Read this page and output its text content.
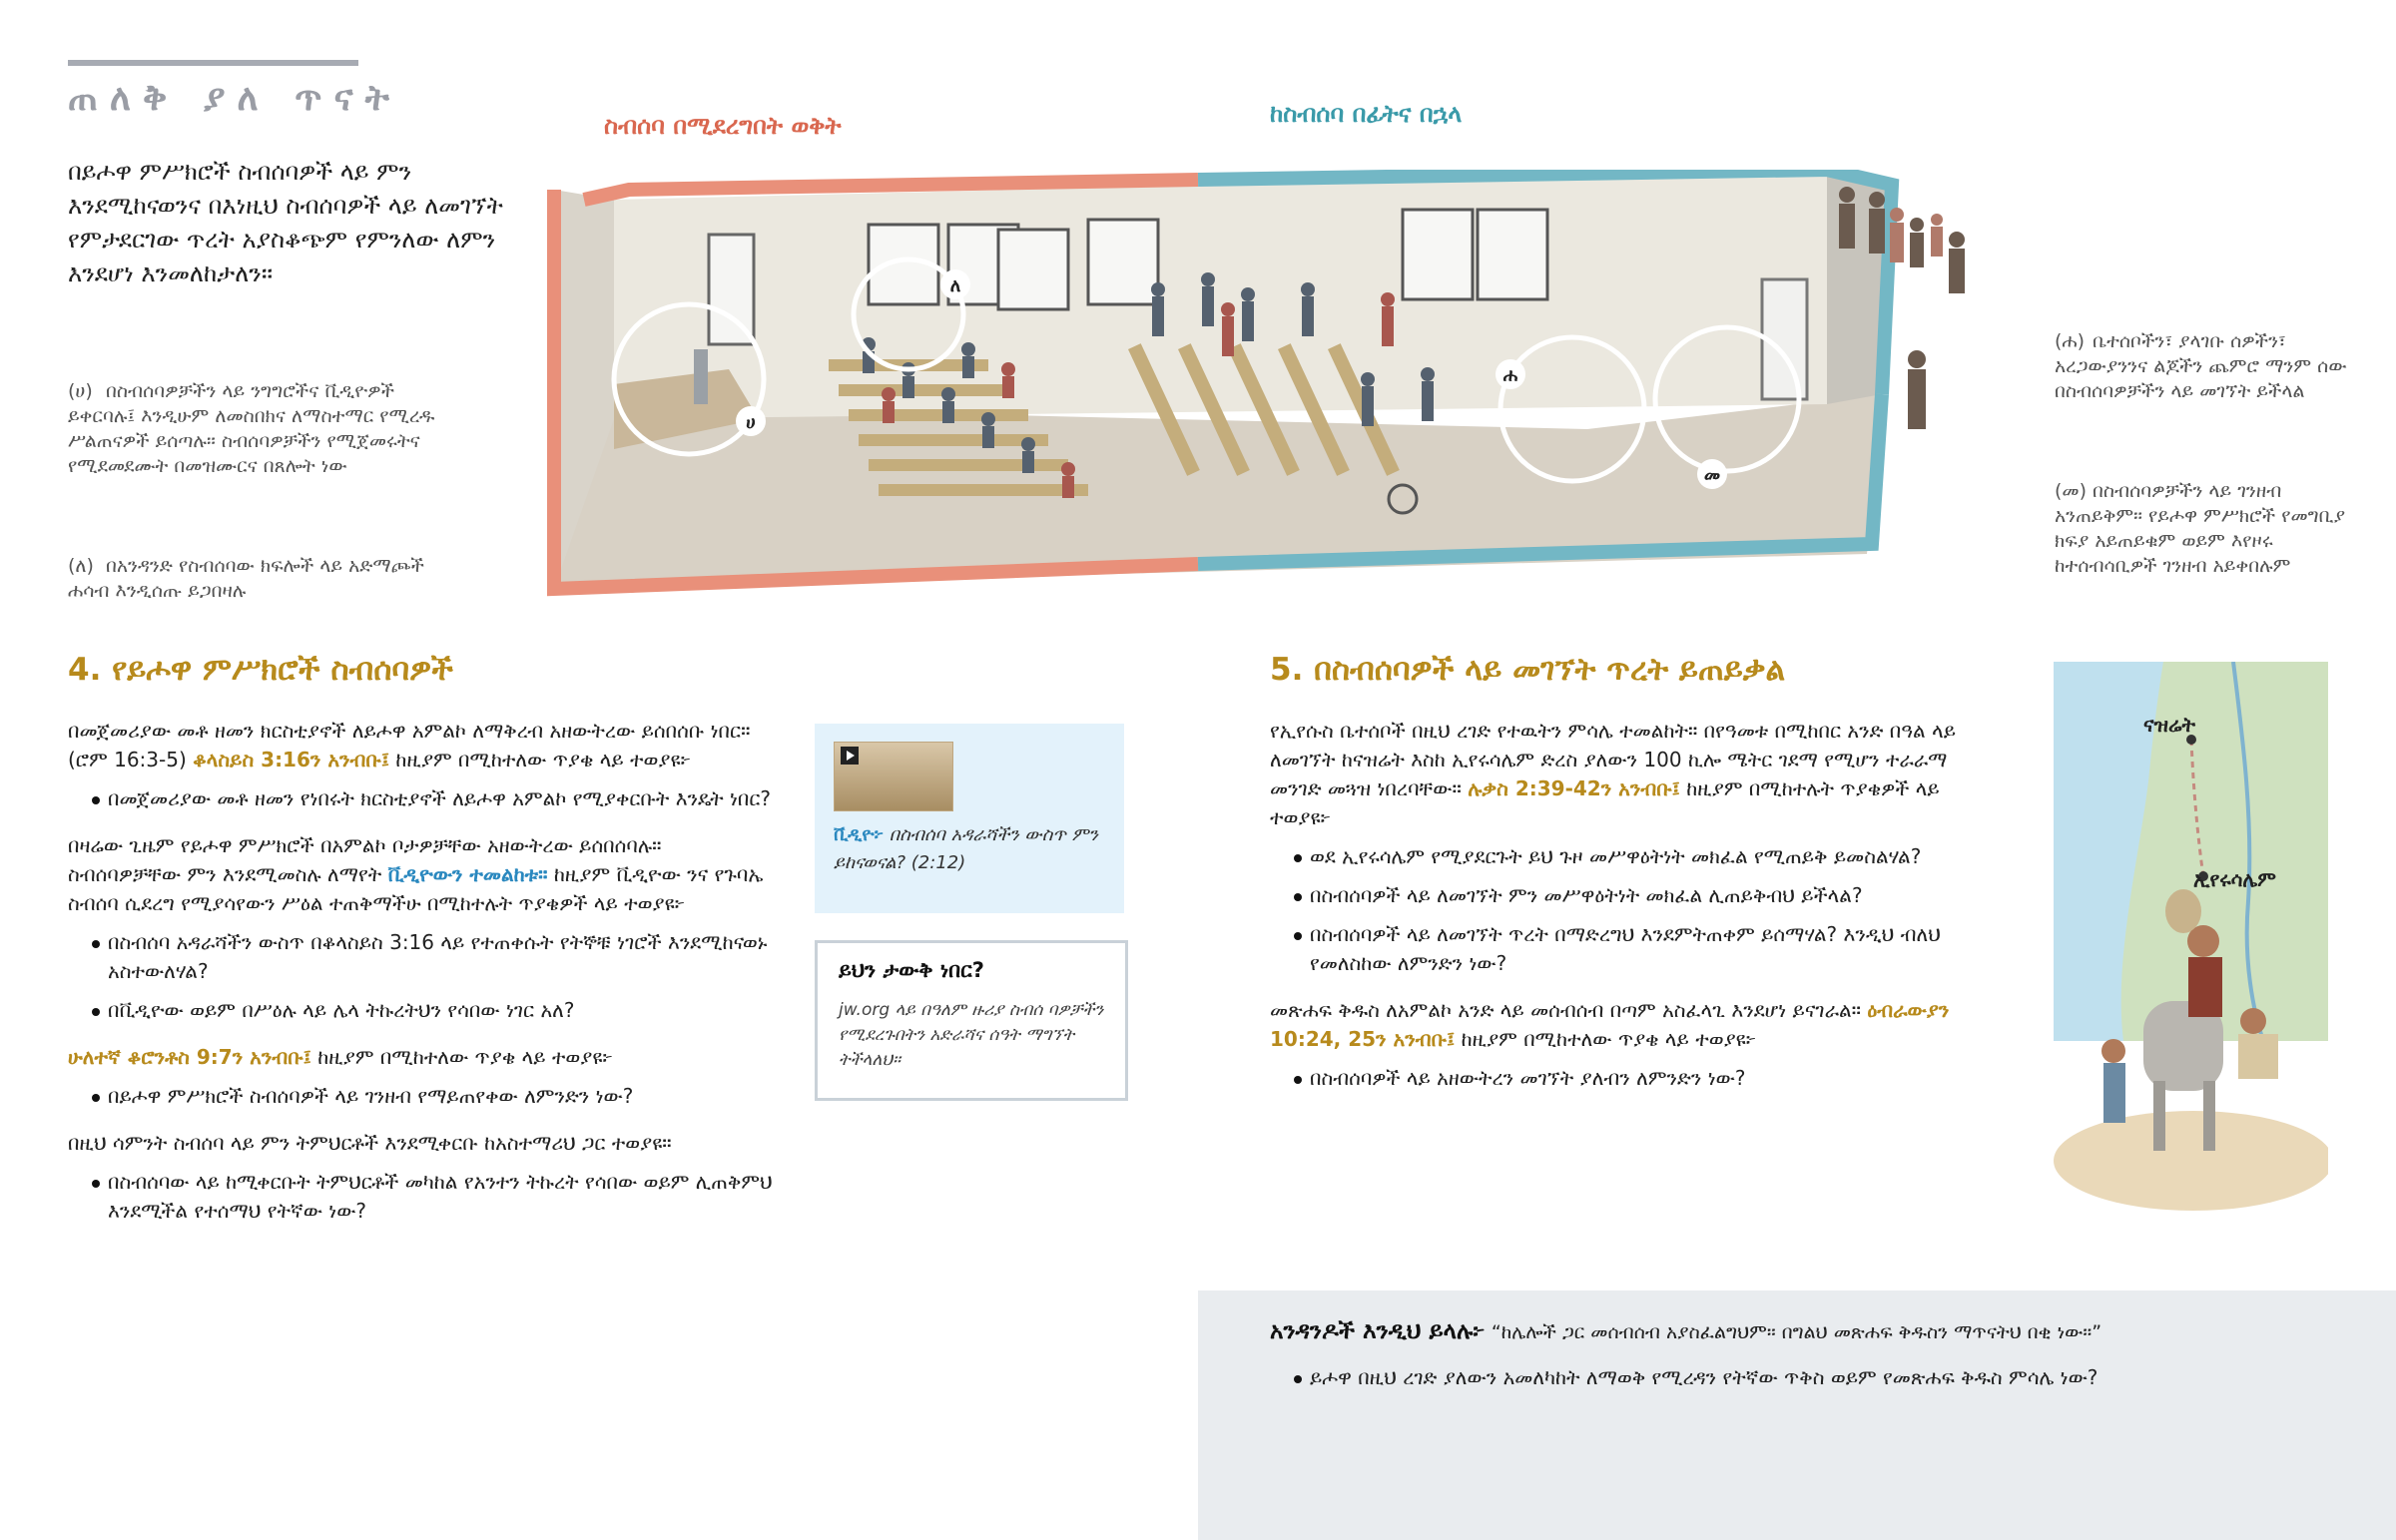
ጠለቅ ያለ ጥናት
በይሖዋ ምሥክሮች ስብሰባዎች ላይ ምን እንደሚከናወንና በእነዚህ ስብሰባዎች ላይ ለመገኘት የምታደርገው ጥረት አያስቆጭም የምንለው ለምን እንደሆነ እንመለከታለን።
ስብሰባ በሚደረግበት ወቅት	ከስብሰባ በፊትና በኋላ
ሀ
ለ
ሐ
መ
(ሀ) በስብሰባዎቻችን ላይ ንግግሮችና ቪዲዮዎች ይቀርባሉ፤ እንዲሁም ለመስበክና ለማስተማር የሚረዱ ሥልጠናዎች ይሰጣሉ። ስብሰባዎቻችን የሚጀመሩትና የሚደመደሙት በመዝሙርና በጸሎት ነው
(ለ) በአንዳንድ የስብሰባው ክፍሎች ላይ አድማጮች ሐሳብ እንዲሰጡ ይጋበዛሉ
(ሐ) ቤተሰቦችን፣ ያላገቡ ሰዎችን፣ አረጋውያንንና ልጆችን ጨምሮ ማንም ሰው በስብሰባዎቻችን ላይ መገኘት ይችላል
(መ) በስብሰባዎቻችን ላይ ገንዘብ አንጠይቅም። የይሖዋ ምሥክሮች የመግቢያ ክፍያ አይጠይቁም ወይም እየዞሩ ከተሰብሳቢዎች ገንዘብ አይቀበሉም
4. የይሖዋ ምሥክሮች ስብሰባዎች

በመጀመሪያው መቶ ዘመን ክርስቲያኖች ለይሖዋ አምልኮ ለማቅረብ አዘውትረው ይሰበሰቡ ነበር። (ሮም 16:3-5) ቆላስይስ 3:16ን አንብቡ፤ ከዚያም በሚከተለው ጥያቄ ላይ ተወያዩ፦

በመጀመሪያው መቶ ዘመን የነበሩት ክርስቲያኖች ለይሖዋ አምልኮ የሚያቀርቡት እንዴት ነበር?

በዛሬው ጊዜም የይሖዋ ምሥክሮች በአምልኮ ቦታዎቻቸው አዘውትረው ይሰበሰባሉ። ስብሰባዎቻቸው ምን እንደሚመስሉ ለማየት ቪዲዮውን ተመልከቱ። ከዚያም ቪዲዮው ንና የጉባኤ ስብሰባ ሲደረግ የሚያሳየውን ሥዕል ተጠቅማችሁ በሚከተሉት ጥያቄዎች ላይ ተወያዩ፦

በስብሰባ አዳራሻችን ውስጥ በቆላስይስ 3:16 ላይ የተጠቀሱት የትኞቹ ነገሮች እንደሚከናወኑ አስተውለሃል?

በቪዲዮው ወይም በሥዕሉ ላይ ሌላ ትኩረትህን የሳበው ነገር አለ?

ሁለተኛ ቆሮንቶስ 9:7ን አንብቡ፤ ከዚያም በሚከተለው ጥያቄ ላይ ተወያዩ፦

በይሖዋ ምሥክሮች ስብሰባዎች ላይ ገንዘብ የማይጠየቀው ለምንድን ነው?

በዚህ ሳምንት ስብሰባ ላይ ምን ትምህርቶች እንደሚቀርቡ ከአስተማሪህ ጋር ተወያዩ።

በስብሰባው ላይ ከሚቀርቡት ትምህርቶች መካከል የአንተን ትኩረት የሳበው ወይም ሊጠቅምህ እንደሚችል የተሰማህ የትኛው ነው?

ቪዲዮ፦ በስብሰባ አዳራሻችን ውስጥ ምን ይከናወናል? (2:12)
ይህን ታውቅ ነበር?
jw.org ላይ በዓለም ዙሪያ ስብሰ ባዎቻችን የሚደረጉበትን አድራሻና ሰዓት ማግኘት ትችላለህ።
5. በስብሰባዎች ላይ መገኘት ጥረት ይጠይቃል

የኢየሱስ ቤተሰቦች በዚህ ረገድ የተዉትን ምሳሌ ተመልከት። በየዓመቱ በሚከበር አንድ በዓል ላይ ለመገኘት ከናዝሬት እስከ ኢየሩሳሌም ድረስ ያለውን 100 ኪሎ ሜትር ገደማ የሚሆን ተራራማ መንገድ መጓዝ ነበረባቸው። ሉቃስ 2:39-42ን አንብቡ፤ ከዚያም በሚከተሉት ጥያቄዎች ላይ ተወያዩ፦

ወደ ኢየሩሳሌም የሚያደርጉት ይህ ጉዞ መሥዋዕትነት መክፈል የሚጠይቅ ይመስልሃል?

በስብሰባዎች ላይ ለመገኘት ምን መሥዋዕትነት መክፈል ሊጠይቅብህ ይችላል?

በስብሰባዎች ላይ ለመገኘት ጥረት በማድረግህ እንደምትጠቀም ይሰማሃል? እንዲህ ብለህ የመለስከው ለምንድን ነው?

መጽሐፍ ቅዱስ ለአምልኮ አንድ ላይ መሰብሰብ በጣም አስፈላጊ እንደሆነ ይናገራል። ዕብራውያን 10:24, 25ን አንብቡ፤ ከዚያም በሚከተለው ጥያቄ ላይ ተወያዩ፦

በስብሰባዎች ላይ አዘውትረን መገኘት ያለብን ለምንድን ነው?

ናዝሬት
ኢየሩሳሌም
አንዳንዶች እንዲህ ይላሉ፦ “ከሌሎች ጋር መሰብሰብ አያስፈልግህም። በግልህ መጽሐፍ ቅዱስን ማጥናትህ በቂ ነው።”

ይሖዋ በዚህ ረገድ ያለውን አመለካከት ለማወቅ የሚረዳን የትኛው ጥቅስ ወይም የመጽሐፍ ቅዱስ ምሳሌ ነው?
